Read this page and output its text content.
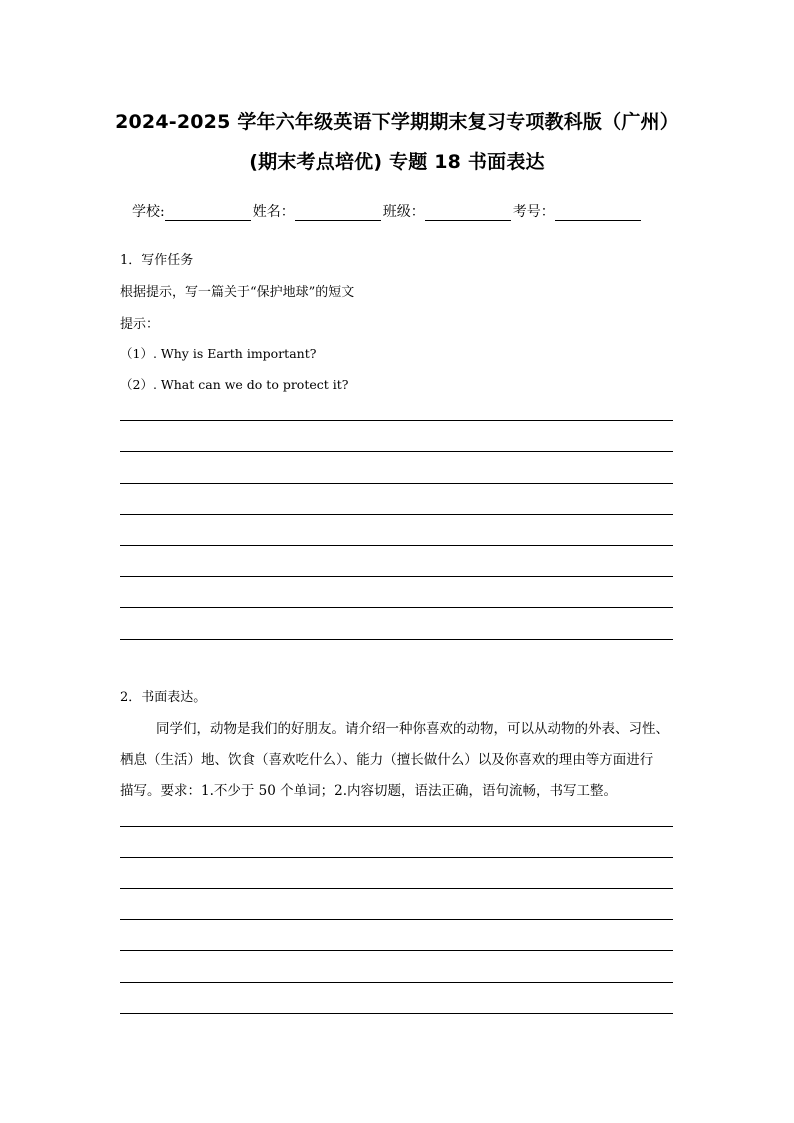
2024-2025 学年六年级英语下学期期末复习专项教科版（广州）
(期末考点培优) 专题 18 书面表达
学校:	姓名：	班级：	考号：
1．写作任务
根据提示，写一篇关于“保护地球”的短文
提示：
（1）. Why is Earth important?
（2）. What can we do to protect it?
2．书面表达。
同学们，动物是我们的好朋友。请介绍一种你喜欢的动物，可以从动物的外表、习性、
栖息（生活）地、饮食（喜欢吃什么）、能力（擅长做什么）以及你喜欢的理由等方面进行
描写。要求：1.不少于 50 个单词；2.内容切题，语法正确，语句流畅，书写工整。
